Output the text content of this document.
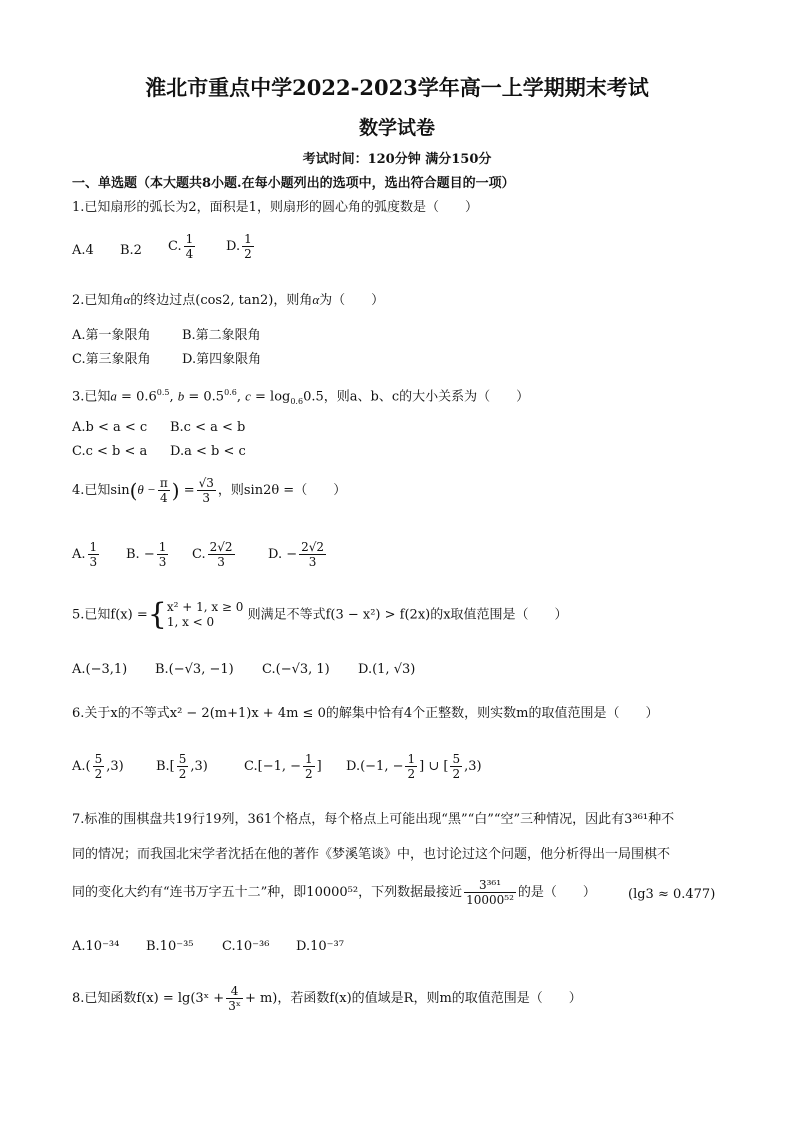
淮北市重点中学2022-2023学年高一上学期期末考试
数学试卷
考试时间：120分钟 满分150分
一、单选题（本大题共8小题.在每小题列出的选项中，选出符合题目的一项）
1.已知扇形的弧长为2，面积是1，则扇形的圆心角的弧度数是（　　）
A.4 B.2 C. $\frac{1}{4} D$. $\frac{1}{2}$
2.已知角α的终边过点(cos2, tan2)，则角α为（　　）
A.第一象限角 B.第二象限角
C.第三象限角 D.第四象限角
3.已知$a = 0.6^{0.5}$, $b = 0.5^{0.6}$, $c = \log_{0.6}0.5$，则a、b、c的大小关系为（　　）
A.b < a < c B.c < a < b
C.c < b < a D.a < b < c
4.已知$\sin(\theta - \frac{\pi}{4}$ ) = $\frac{√3}{3}$ ，则sin2θ =（　　）
A. $\frac{1}{3} B$. − $\frac{1}{3} C$. $\frac{2√2}{3}$	D. − $\frac{2√2}{3}$
5.已知f(x) ={ x² + 1, x ≥ 0
1, x < 0	则满足不等式f(3 − x²) > f(2x)的x取值范围是（　　）
A.(−3,1) B.(−√3, −1) C.(−√3, 1) D.(1, √3)
6.关于x的不等式x² − 2(m+1)x + 4m ≤ 0的解集中恰有4个正整数，则实数m的取值范围是（　　）
$A.( \frac{5}{2} ,3)$ $B.[ \frac{5}{2} ,3)$	C.[−1, − $\frac{1}{2}$ ] D.(−1, − $\frac{1}{2}$ ] ∪ [ $\frac{5}{2} ,3$)
7.标准的围棋盘共19行19列，361个格点，每个格点上可能出现“黑”“白”“空”三种情况，因此有3³⁶¹种不
同的情况；而我国北宋学者沈括在他的著作《梦溪笔谈》中，也讨论过这个问题，他分析得出一局围棋不
同的变化大约有“连书万字五十二”种，即10000⁵²，下列数据最接近 $\frac{\text{3³⁶¹}}{\text{10000⁵²}}$ 的是（　　） (lg3 ≈ 0.477)
A.10⁻³⁴ B.10⁻³⁵ C.10⁻³⁶ D.10⁻³⁷
8.已知函数f(x) = lg(3ˣ + $\frac{4}{\text{3ˣ}} + m$)，若函数f(x)的值域是R，则m的取值范围是（　　）
